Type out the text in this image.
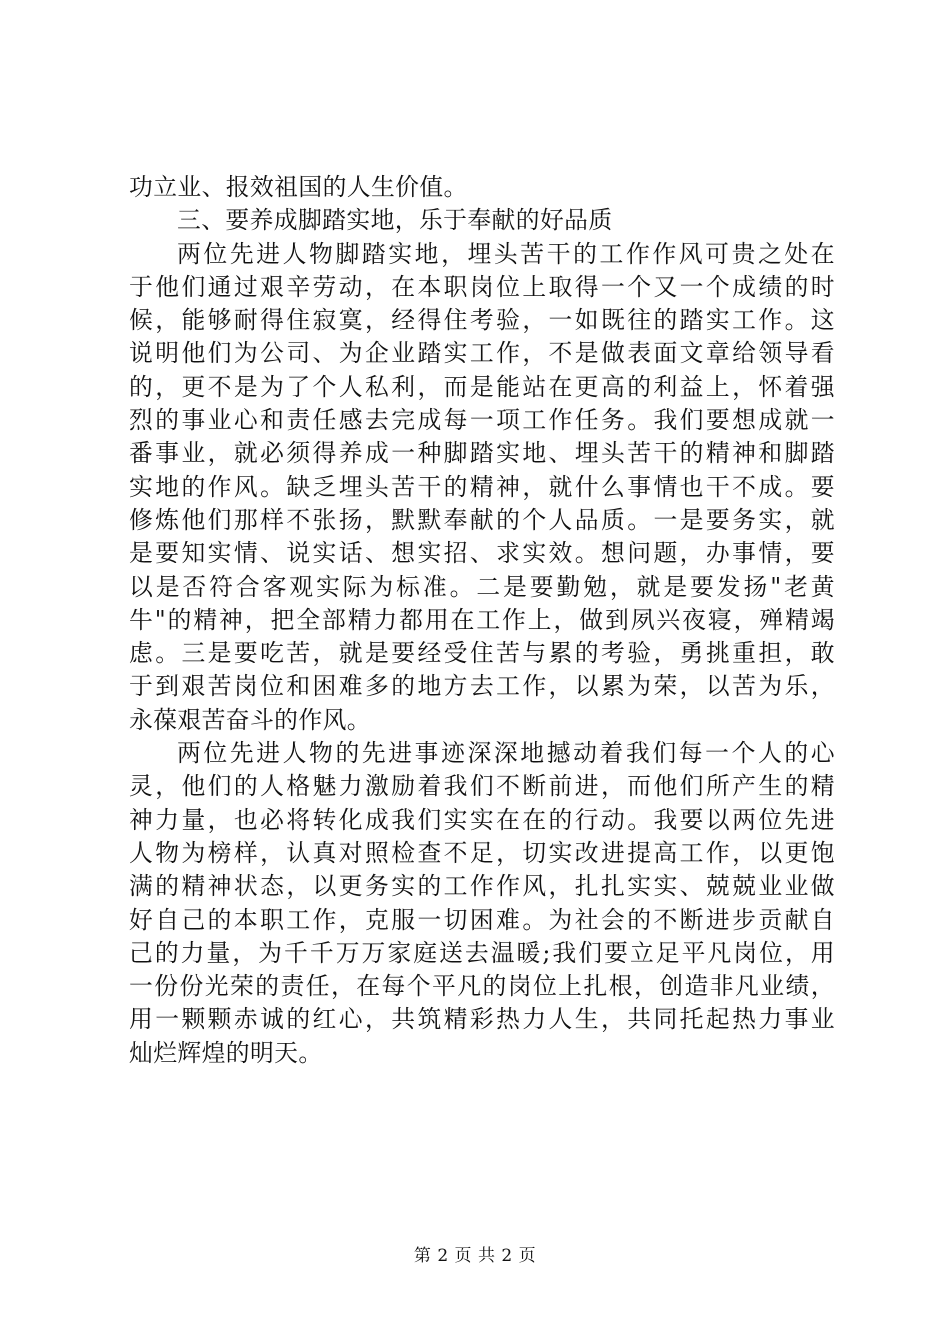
功立业、报效祖国的人生价值。
三、要养成脚踏实地，乐于奉献的好品质
两位先进人物脚踏实地，埋头苦干的工作作风可贵之处在
于他们通过艰辛劳动，在本职岗位上取得一个又一个成绩的时
候，能够耐得住寂寞，经得住考验，一如既往的踏实工作。这
说明他们为公司、为企业踏实工作，不是做表面文章给领导看
的，更不是为了个人私利，而是能站在更高的利益上，怀着强
烈的事业心和责任感去完成每一项工作任务。我们要想成就一
番事业，就必须得养成一种脚踏实地、埋头苦干的精神和脚踏
实地的作风。缺乏埋头苦干的精神，就什么事情也干不成。要
修炼他们那样不张扬，默默奉献的个人品质。一是要务实，就
是要知实情、说实话、想实招、求实效。想问题，办事情，要
以是否符合客观实际为标准。二是要勤勉，就是要发扬"老黄
牛"的精神，把全部精力都用在工作上，做到夙兴夜寝，殚精竭
虑。三是要吃苦，就是要经受住苦与累的考验，勇挑重担，敢
于到艰苦岗位和困难多的地方去工作，以累为荣，以苦为乐，
永葆艰苦奋斗的作风。
两位先进人物的先进事迹深深地撼动着我们每一个人的心
灵，他们的人格魅力激励着我们不断前进，而他们所产生的精
神力量，也必将转化成我们实实在在的行动。我要以两位先进
人物为榜样，认真对照检查不足，切实改进提高工作，以更饱
满的精神状态，以更务实的工作作风，扎扎实实、兢兢业业做
好自己的本职工作，克服一切困难。为社会的不断进步贡献自
己的力量，为千千万万家庭送去温暖;我们要立足平凡岗位，用
一份份光荣的责任，在每个平凡的岗位上扎根，创造非凡业绩，
用一颗颗赤诚的红心，共筑精彩热力人生，共同托起热力事业
灿烂辉煌的明天。
第 2 页 共 2 页
